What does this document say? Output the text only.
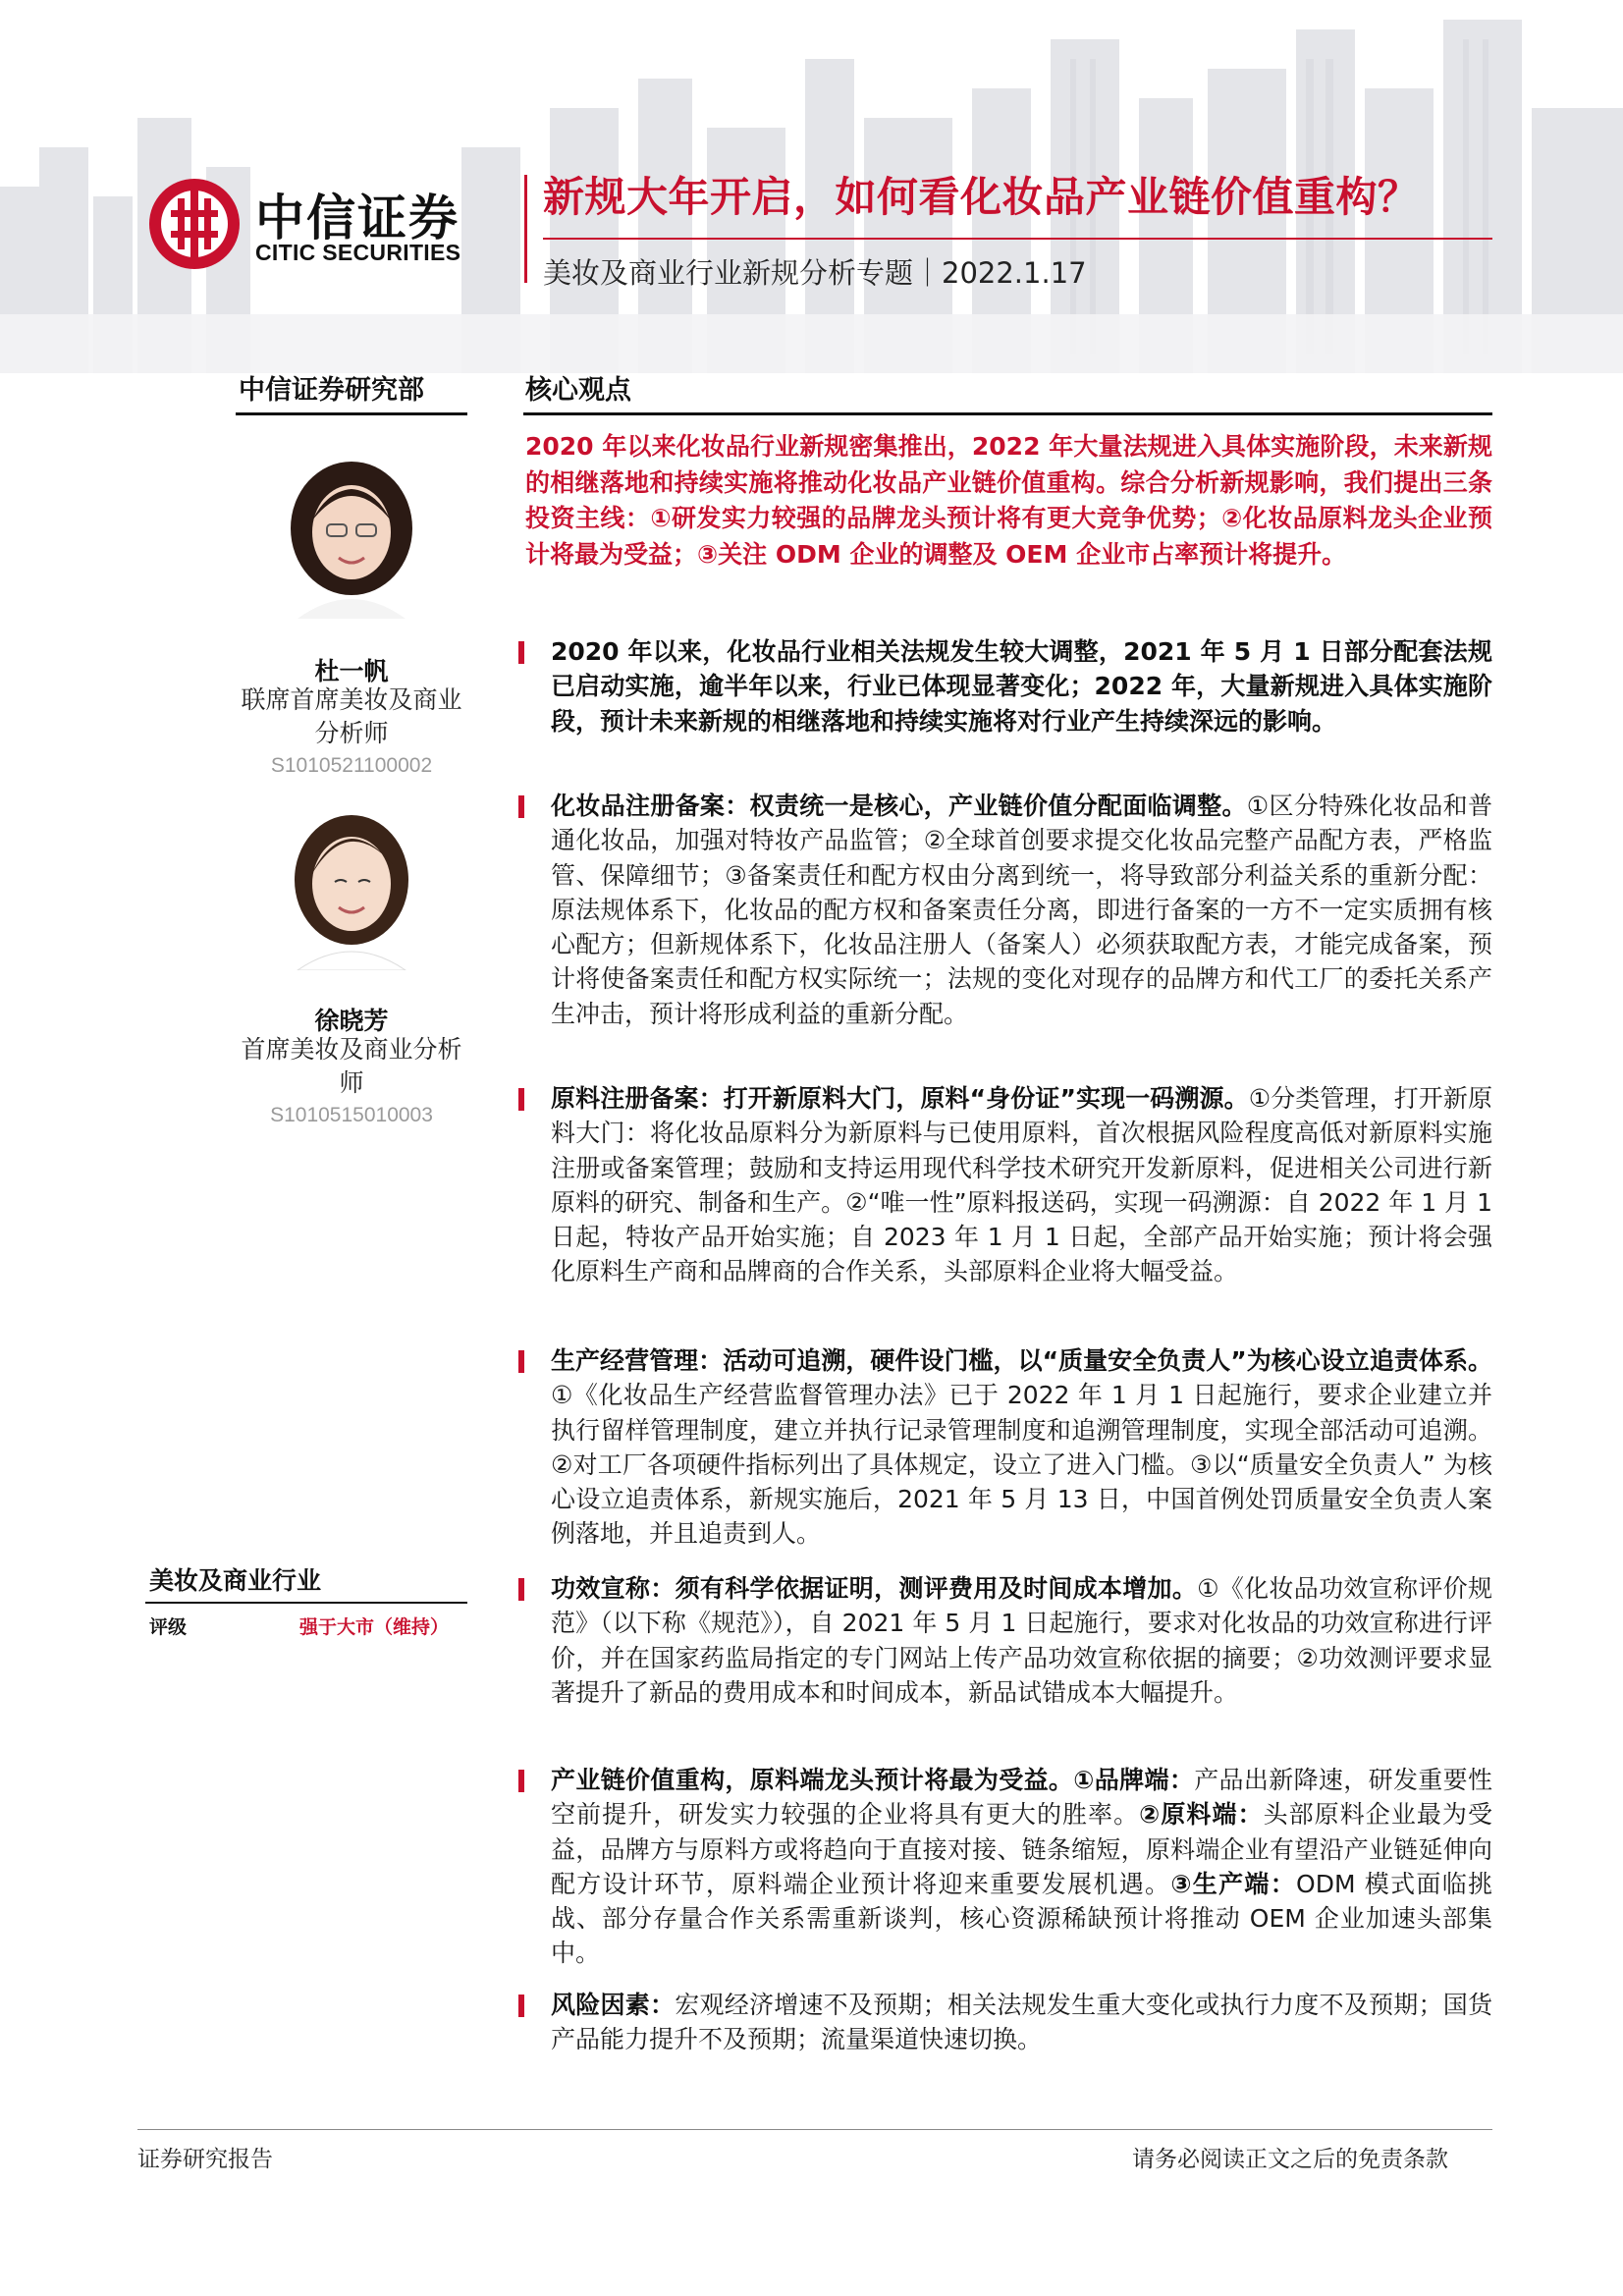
中信证券
CITIC SECURITIES
新规大年开启，如何看化妆品产业链价值重构？
美妆及商业行业新规分析专题｜2022.1.17
中信证券研究部
杜一帆
联席首席美妆及商业分析师
S1010521100002
徐晓芳
首席美妆及商业分析师
S1010515010003
美妆及商业行业
评级	强于大市（维持）
核心观点
2020 年以来化妆品行业新规密集推出，2022 年大量法规进入具体实施阶段，未来新规的相继落地和持续实施将推动化妆品产业链价值重构。综合分析新规影响，我们提出三条投资主线：①研发实力较强的品牌龙头预计将有更大竞争优势；②化妆品原料龙头企业预计将最为受益；③关注 ODM 企业的调整及 OEM 企业市占率预计将提升。
2020 年以来，化妆品行业相关法规发生较大调整，2021 年 5 月 1 日部分配套法规已启动实施，逾半年以来，行业已体现显著变化；2022 年，大量新规进入具体实施阶段，预计未来新规的相继落地和持续实施将对行业产生持续深远的影响。
化妆品注册备案：权责统一是核心，产业链价值分配面临调整。①区分特殊化妆品和普通化妆品，加强对特妆产品监管；②全球首创要求提交化妆品完整产品配方表，严格监管、保障细节；③备案责任和配方权由分离到统一，将导致部分利益关系的重新分配：原法规体系下，化妆品的配方权和备案责任分离，即进行备案的一方不一定实质拥有核心配方；但新规体系下，化妆品注册人（备案人）必须获取配方表，才能完成备案，预计将使备案责任和配方权实际统一；法规的变化对现存的品牌方和代工厂的委托关系产生冲击，预计将形成利益的重新分配。
原料注册备案：打开新原料大门，原料“身份证”实现一码溯源。①分类管理，打开新原料大门：将化妆品原料分为新原料与已使用原料，首次根据风险程度高低对新原料实施注册或备案管理；鼓励和支持运用现代科学技术研究开发新原料，促进相关公司进行新原料的研究、制备和生产。②“唯一性”原料报送码，实现一码溯源：自 2022 年 1 月 1 日起，特妆产品开始实施；自 2023 年 1 月 1 日起，全部产品开始实施；预计将会强化原料生产商和品牌商的合作关系，头部原料企业将大幅受益。
生产经营管理：活动可追溯，硬件设门槛，以“质量安全负责人”为核心设立追责体系。①《化妆品生产经营监督管理办法》已于 2022 年 1 月 1 日起施行，要求企业建立并执行留样管理制度，建立并执行记录管理制度和追溯管理制度，实现全部活动可追溯。②对工厂各项硬件指标列出了具体规定，设立了进入门槛。③以“质量安全负责人” 为核心设立追责体系，新规实施后，2021 年 5 月 13 日，中国首例处罚质量安全负责人案例落地，并且追责到人。
功效宣称：须有科学依据证明，测评费用及时间成本增加。①《化妆品功效宣称评价规范》（以下称《规范》），自 2021 年 5 月 1 日起施行，要求对化妆品的功效宣称进行评价，并在国家药监局指定的专门网站上传产品功效宣称依据的摘要；②功效测评要求显著提升了新品的费用成本和时间成本，新品试错成本大幅提升。
产业链价值重构，原料端龙头预计将最为受益。①品牌端：产品出新降速，研发重要性空前提升，研发实力较强的企业将具有更大的胜率。②原料端：头部原料企业最为受益，品牌方与原料方或将趋向于直接对接、链条缩短，原料端企业有望沿产业链延伸向配方设计环节，原料端企业预计将迎来重要发展机遇。③生产端：ODM 模式面临挑战、部分存量合作关系需重新谈判，核心资源稀缺预计将推动 OEM 企业加速头部集中。
风险因素：宏观经济增速不及预期；相关法规发生重大变化或执行力度不及预期；国货产品能力提升不及预期；流量渠道快速切换。
证券研究报告	请务必阅读正文之后的免责条款
